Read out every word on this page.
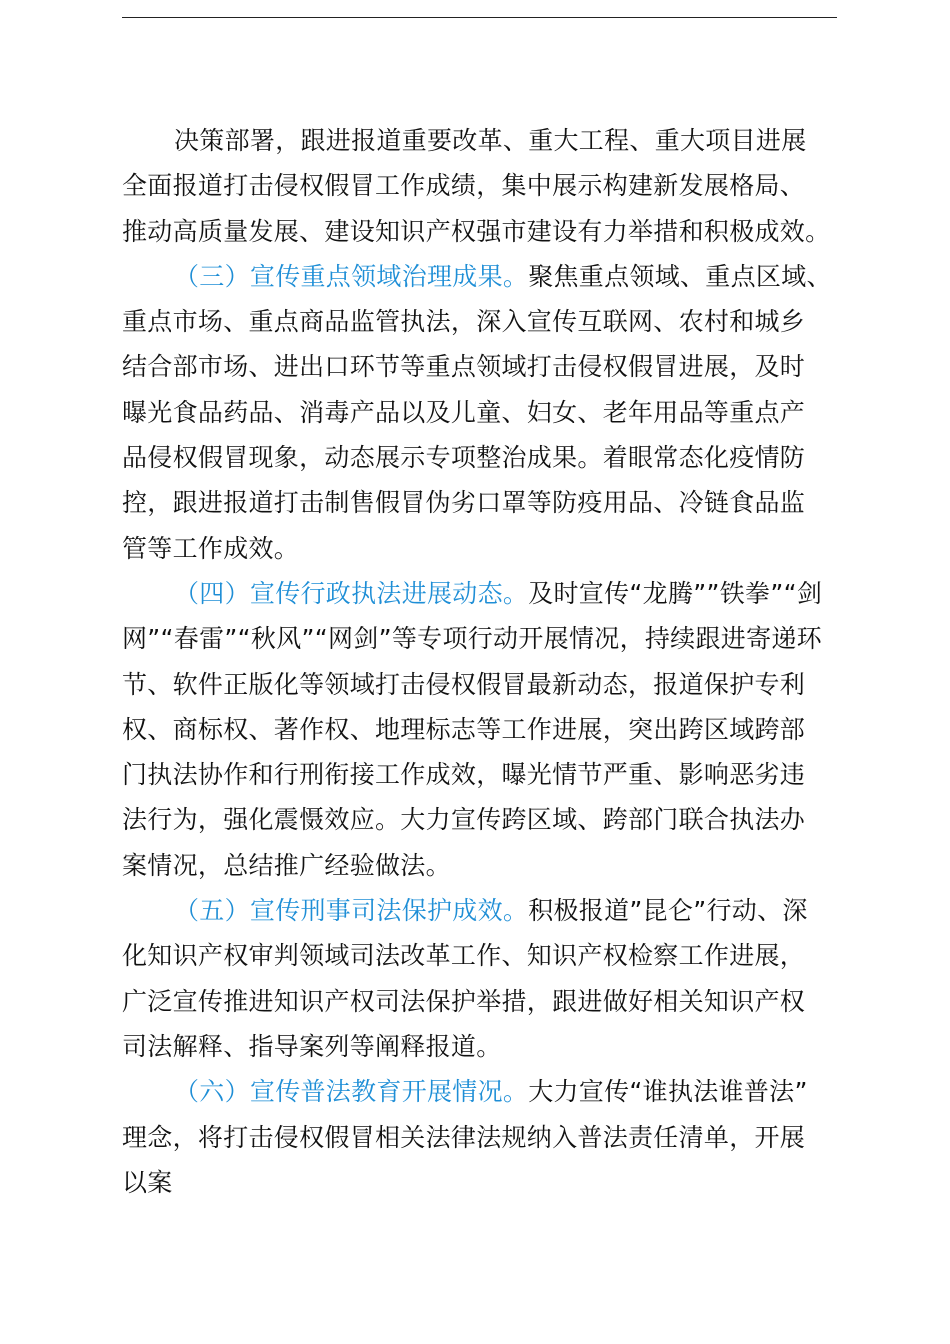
决策部署，跟进报道重要改革、重大工程、重大项目进展
全面报道打击侵权假冒工作成绩，集中展示构建新发展格局、
推动高质量发展、建设知识产权强市建设有力举措和积极成效。
（三）宣传重点领域治理成果。聚焦重点领域、重点区域、
重点市场、重点商品监管执法，深入宣传互联网、农村和城乡
结合部市场、进出口环节等重点领域打击侵权假冒进展，及时
曝光食品药品、消毒产品以及儿童、妇女、老年用品等重点产
品侵权假冒现象，动态展示专项整治成果。着眼常态化疫情防
控，跟进报道打击制售假冒伪劣口罩等防疫用品、冷链食品监
管等工作成效。
（四）宣传行政执法进展动态。及时宣传“龙腾””铁拳”“剑
网”“春雷”“秋风”“网剑”等专项行动开展情况，持续跟进寄递环
节、软件正版化等领域打击侵权假冒最新动态，报道保护专利
权、商标权、著作权、地理标志等工作进展，突出跨区域跨部
门执法协作和行刑衔接工作成效，曝光情节严重、影响恶劣违
法行为，强化震慑效应。大力宣传跨区域、跨部门联合执法办
案情况，总结推广经验做法。
（五）宣传刑事司法保护成效。积极报道”昆仑”行动、深
化知识产权审判领域司法改革工作、知识产权检察工作进展，
广泛宣传推进知识产权司法保护举措，跟进做好相关知识产权
司法解释、指导案列等阐释报道。
（六）宣传普法教育开展情况。大力宣传“谁执法谁普法”
理念，将打击侵权假冒相关法律法规纳入普法责任清单，开展
以案
